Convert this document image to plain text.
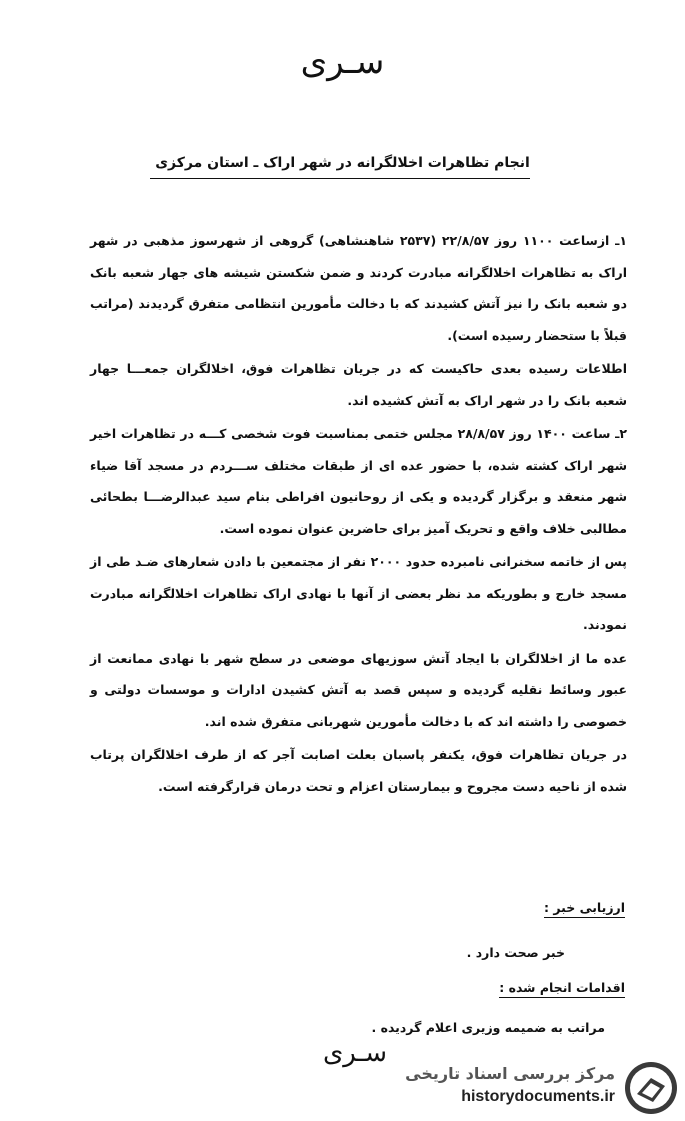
سـری
انجام تظاهرات اخلالگرانه در شهر اراک ـ استان مرکزی

۱ـ ازساعت ۱۱۰۰ روز ۲۲/۸/۵۷ (۲۵۳۷ شاهنشاهی) گروهی از شهرسوز مذهبی در شهر اراک به تظاهرات اخلالگرانه مبادرت کردند و ضمن شکستن شیشه های جهار شعبه بانک دو شعبه بانک را نیز آتش کشیدند که با دخالت مأمورین انتظامی متفرق گردیدند (مراتب قبلاً با ستحضار رسیده است).

اطلاعات رسیده بعدی حاکیست که در جریان تظاهرات فوق، اخلالگران جمعـــا جهار شعبه بانک را در شهر اراک به آتش کشیده اند.

۲ـ ساعت ۱۴۰۰ روز ۲۸/۸/۵۷ مجلس ختمی بمناسبت فوت شخصی کـــه در تظاهرات اخیر شهر اراک کشته شده، با حضور عده ای از طبقات مختلف ســـردم در مسجد آقا ضیاء شهر منعقد و برگزار گردیده و یکی از روحانیون افراطی بنام سید عبدالرضـــا بطحائی مطالبی خلاف واقع و تحریک آمیز برای حاضرین عنوان نموده است.

پس از خاتمه سخنرانی نامبرده حدود ۲۰۰۰ نفر از مجتمعین با دادن شعارهای ضـد طی از مسجد خارج و بطوریکه مد نظر بعضی از آنها با نهادی اراک تظاهرات اخلالگرانه مبادرت نمودند.

عده ما از اخلالگران با ایجاد آتش سوزیهای موضعی در سطح شهر با نهادی ممانعت از عبور وسائط نقلیه گردیده و سپس قصد به آتش کشیدن ادارات و موسسات دولتی و خصوصی را داشته اند که با دخالت مأمورین شهربانی متفرق شده اند.

در جریان تظاهرات فوق، یکنفر پاسبان بعلت اصابت آجر که از طرف اخلالگران پرتاب شده از ناحیه دست مجروح و بیمارستان اعزام و تحت درمان قرارگرفته است.

ارزیابی خبر :
خبر صحت دارد .
اقدامات انجام شده :
مراتب به ضمیمه وزیری اعلام گردیده .
سـری
مرکز بررسی اسناد تاریخی
historydocuments.ir
